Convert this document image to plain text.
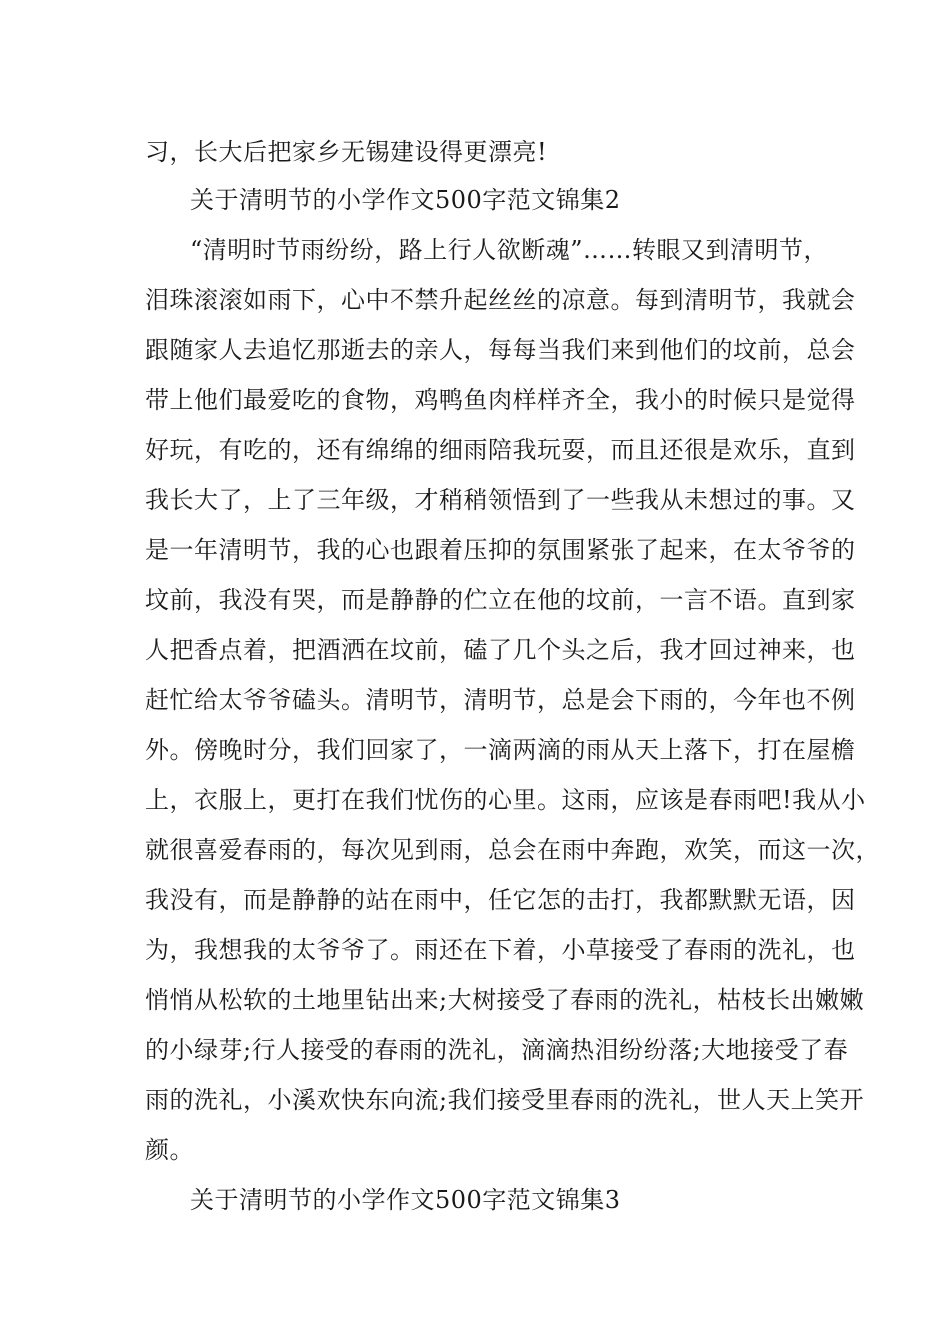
习，长大后把家乡无锡建设得更漂亮!
关于清明节的小学作文500字范文锦集2
“清明时节雨纷纷，路上行人欲断魂”……转眼又到清明节，
泪珠滚滚如雨下，心中不禁升起丝丝的凉意。每到清明节，我就会
跟随家人去追忆那逝去的亲人，每每当我们来到他们的坟前，总会
带上他们最爱吃的食物，鸡鸭鱼肉样样齐全，我小的时候只是觉得
好玩，有吃的，还有绵绵的细雨陪我玩耍，而且还很是欢乐，直到
我长大了，上了三年级，才稍稍领悟到了一些我从未想过的事。又
是一年清明节，我的心也跟着压抑的氛围紧张了起来，在太爷爷的
坟前，我没有哭，而是静静的伫立在他的坟前，一言不语。直到家
人把香点着，把酒洒在坟前，磕了几个头之后，我才回过神来，也
赶忙给太爷爷磕头。清明节，清明节，总是会下雨的，今年也不例
外。傍晚时分，我们回家了，一滴两滴的雨从天上落下，打在屋檐
上，衣服上，更打在我们忧伤的心里。这雨，应该是春雨吧!我从小
就很喜爱春雨的，每次见到雨，总会在雨中奔跑，欢笑，而这一次，
我没有，而是静静的站在雨中，任它怎的击打，我都默默无语，因
为，我想我的太爷爷了。雨还在下着，小草接受了春雨的洗礼，也
悄悄从松软的土地里钻出来;大树接受了春雨的洗礼，枯枝长出嫩嫩
的小绿芽;行人接受的春雨的洗礼，滴滴热泪纷纷落;大地接受了春
雨的洗礼，小溪欢快东向流;我们接受里春雨的洗礼，世人天上笑开
颜。
关于清明节的小学作文500字范文锦集3
